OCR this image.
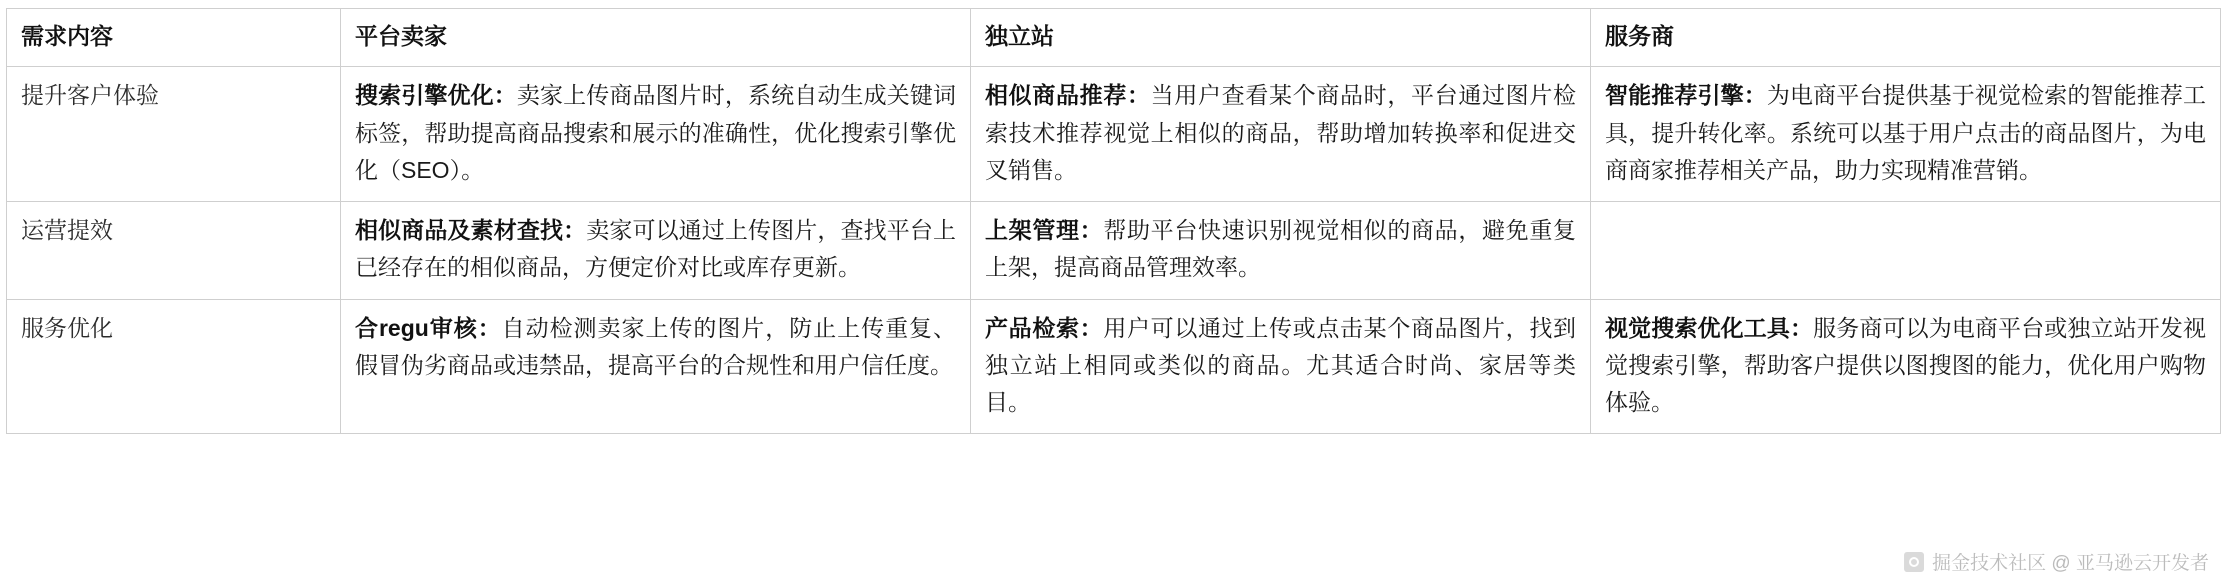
需求内容	平台卖家	独立站	服务商
提升客户体验	搜索引擎优化：卖家上传商品图片时，系统自动生成关键词标签，帮助提高商品搜索和展示的准确性，优化搜索引擎优化（SEO）。	相似商品推荐：当用户查看某个商品时，平台通过图片检索技术推荐视觉上相似的商品，帮助增加转换率和促进交叉销售。	智能推荐引擎：为电商平台提供基于视觉检索的智能推荐工具，提升转化率。系统可以基于用户点击的商品图片，为电商商家推荐相关产品，助力实现精准营销。

运营提效	相似商品及素材查找：卖家可以通过上传图片，查找平台上已经存在的相似商品，方便定价对比或库存更新。	上架管理：帮助平台快速识别视觉相似的商品，避免重复上架，提高商品管理效率。	

服务优化	合regu审核：自动检测卖家上传的图片，防止上传重复、假冒伪劣商品或违禁品，提高平台的合规性和用户信任度。	产品检索：用户可以通过上传或点击某个商品图片，找到独立站上相同或类似的商品。尤其适合时尚、家居等类目。	视觉搜索优化工具：服务商可以为电商平台或独立站开发视觉搜索引擎，帮助客户提供以图搜图的能力，优化用户购物体验。
掘金技术社区 @ 亚马逊云开发者
